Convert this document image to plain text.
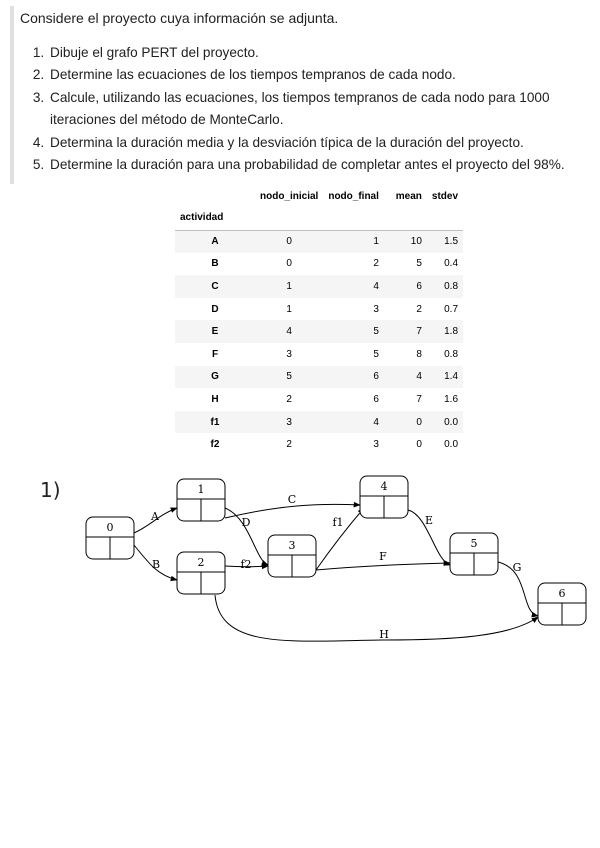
Considere el proyecto cuya información se adjunta.

1. Dibuje el grafo PERT del proyecto.
2. Determine las ecuaciones de los tiempos tempranos de cada nodo.
3. Calcule, utilizando las ecuaciones, los tiempos tempranos de cada nodo para 1000 iteraciones del método de MonteCarlo.
4. Determina la duración media y la desviación típica de la duración del proyecto.
5. Determine la duración para una probabilidad de completar antes el proyecto del 98%.
	nodo_inicial	nodo_final	mean	stdev
actividad				
A	0	1	10	1.5
B	0	2	5	0.4
C	1	4	6	0.8
D	1	3	2	0.7
E	4	5	7	1.8
F	3	5	8	0.8
G	5	6	4	1.4
H	2	6	7	1.6
f1	3	4	0	0.0
f2	2	3	0	0.0
1)
A
B
C
D	E
F
G
H
f1
f2
0
1
2
3
4
5
6
